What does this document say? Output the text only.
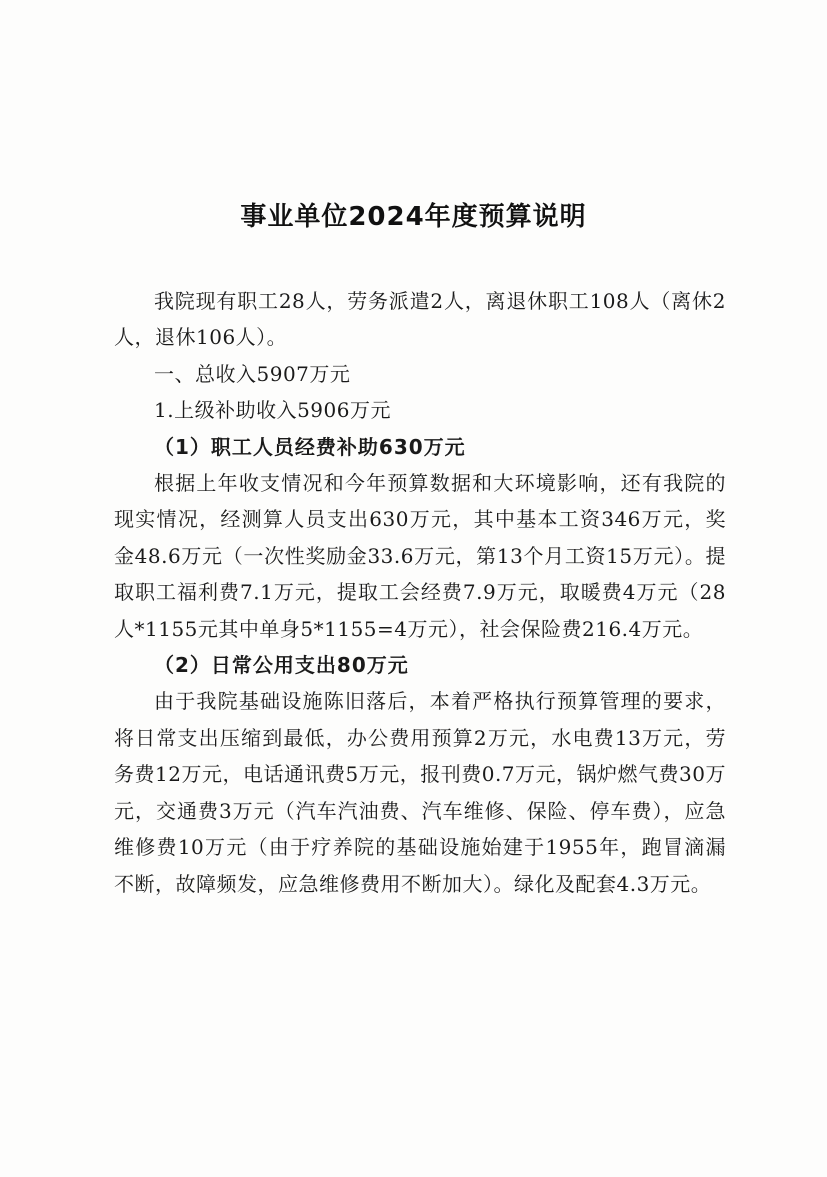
事业单位2024年度预算说明

我院现有职工28人，劳务派遣2人，离退休职工108人（离休2人，退休106人）。

一、总收入5907万元

1.上级补助收入5906万元

（1）职工人员经费补助630万元

根据上年收支情况和今年预算数据和大环境影响，还有我院的现实情况，经测算人员支出630万元，其中基本工资346万元，奖金48.6万元（一次性奖励金33.6万元，第13个月工资15万元）。提取职工福利费7.1万元，提取工会经费7.9万元，取暖费4万元（28人*1155元其中单身5*1155=4万元），社会保险费216.4万元。

（2）日常公用支出80万元

由于我院基础设施陈旧落后，本着严格执行预算管理的要求，将日常支出压缩到最低，办公费用预算2万元，水电费13万元，劳务费12万元，电话通讯费5万元，报刊费0.7万元，锅炉燃气费30万元，交通费3万元（汽车汽油费、汽车维修、保险、停车费），应急维修费10万元（由于疗养院的基础设施始建于1955年，跑冒滴漏不断，故障频发，应急维修费用不断加大）。绿化及配套4.3万元。
